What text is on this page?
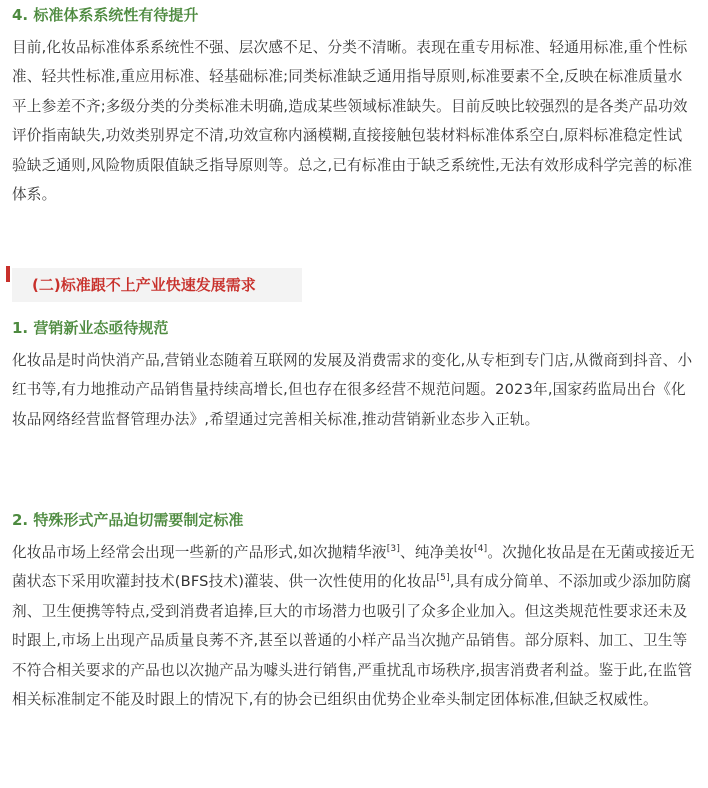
4. 标准体系系统性有待提升

目前,化妆品标准体系系统性不强、层次感不足、分类不清晰。表现在重专用标准、轻通用标准,重个性标准、轻共性标准,重应用标准、轻基础标准;同类标准缺乏通用指导原则,标准要素不全,反映在标准质量水平上参差不齐;多级分类的分类标准未明确,造成某些领域标准缺失。目前反映比较强烈的是各类产品功效评价指南缺失,功效类别界定不清,功效宣称内涵模糊,直接接触包装材料标准体系空白,原料标准稳定性试验缺乏通则,风险物质限值缺乏指导原则等。总之,已有标准由于缺乏系统性,无法有效形成科学完善的标准体系。

(二)标准跟不上产业快速发展需求
1. 营销新业态亟待规范

化妆品是时尚快消产品,营销业态随着互联网的发展及消费需求的变化,从专柜到专门店,从微商到抖音、小红书等,有力地推动产品销售量持续高增长,但也存在很多经营不规范问题。2023年,国家药监局出台《化妆品网络经营监督管理办法》,希望通过完善相关标准,推动营销新业态步入正轨。

2. 特殊形式产品迫切需要制定标准

化妆品市场上经常会出现一些新的产品形式,如次抛精华液[3]、纯净美妆[4]。次抛化妆品是在无菌或接近无菌状态下采用吹灌封技术(BFS技术)灌装、供一次性使用的化妆品[5],具有成分简单、不添加或少添加防腐剂、卫生便携等特点,受到消费者追捧,巨大的市场潜力也吸引了众多企业加入。但这类规范性要求还未及时跟上,市场上出现产品质量良莠不齐,甚至以普通的小样产品当次抛产品销售。部分原料、加工、卫生等不符合相关要求的产品也以次抛产品为噱头进行销售,严重扰乱市场秩序,损害消费者利益。鉴于此,在监管相关标准制定不能及时跟上的情况下,有的协会已组织由优势企业牵头制定团体标准,但缺乏权威性。
